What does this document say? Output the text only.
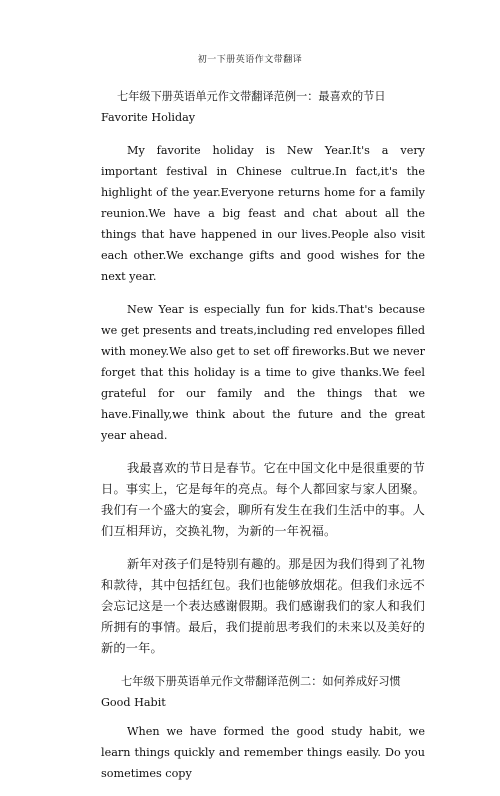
初一下册英语作文带翻译

七年级下册英语单元作文带翻译范例一：最喜欢的节日 Favorite Holiday

My favorite holiday is New Year.It's a very important festival in Chinese cultrue.In fact,it's the highlight of the year.Everyone returns home for a family reunion.We have a big feast and chat about all the things that have happened in our lives.People also visit each other.We exchange gifts and good wishes for the next year.

New Year is especially fun for kids.That's because we get presents and treats,including red envelopes filled with money.We also get to set off fireworks.But we never forget that this holiday is a time to give thanks.We feel grateful for our family and the things that we have.Finally,we think about the future and the great year ahead.

我最喜欢的节日是春节。它在中国文化中是很重要的节日。事实上，它是每年的亮点。每个人都回家与家人团聚。我们有一个盛大的宴会，聊所有发生在我们生活中的事。人们互相拜访，交换礼物，为新的一年祝福。

新年对孩子们是特别有趣的。那是因为我们得到了礼物和款待，其中包括红包。我们也能够放烟花。但我们永远不会忘记这是一个表达感谢假期。我们感谢我们的家人和我们所拥有的事情。最后，我们提前思考我们的未来以及美好的新的一年。

七年级下册英语单元作文带翻译范例二：如何养成好习惯 Good Habit

When we have formed the good study habit, we learn things quickly and remember things easily. Do you sometimes copy
